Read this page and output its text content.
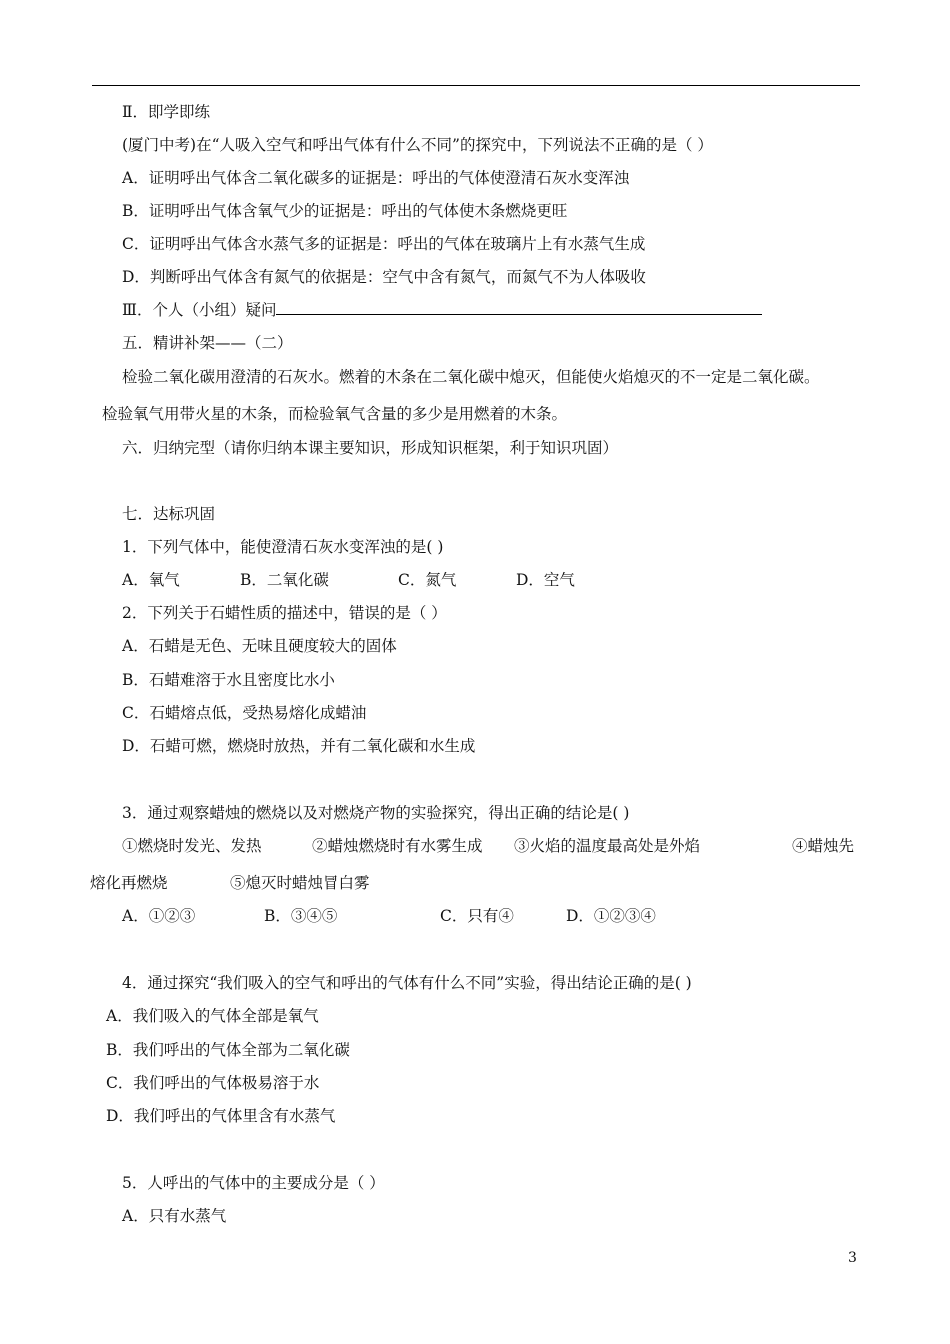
Ⅱ．即学即练
(厦门中考)在“人吸入空气和呼出气体有什么不同”的探究中，下列说法不正确的是（ ）
A．证明呼出气体含二氧化碳多的证据是：呼出的气体使澄清石灰水变浑浊
B．证明呼出气体含氧气少的证据是：呼出的气体使木条燃烧更旺
C．证明呼出气体含水蒸气多的证据是：呼出的气体在玻璃片上有水蒸气生成
D．判断呼出气体含有氮气的依据是：空气中含有氮气，而氮气不为人体吸收
Ⅲ．个人（小组）疑问
五．精讲补架——（二）
检验二氧化碳用澄清的石灰水。燃着的木条在二氧化碳中熄灭，但能使火焰熄灭的不一定是二氧化碳。
检验氧气用带火星的木条，而检验氧气含量的多少是用燃着的木条。
六．归纳完型（请你归纳本课主要知识，形成知识框架，利于知识巩固）
七．达标巩固
1．下列气体中，能使澄清石灰水变浑浊的是( )
A．氧气	B．二氧化碳	C．氮气	D．空气
2．下列关于石蜡性质的描述中，错误的是（ ）
A．石蜡是无色、无味且硬度较大的固体
B．石蜡难溶于水且密度比水小
C．石蜡熔点低，受热易熔化成蜡油
D．石蜡可燃，燃烧时放热，并有二氧化碳和水生成
3．通过观察蜡烛的燃烧以及对燃烧产物的实验探究，得出正确的结论是( )
①燃烧时发光、发热	②蜡烛燃烧时有水雾生成 ③火焰的温度最高处是外焰	④蜡烛先
熔化再燃烧	⑤熄灭时蜡烛冒白雾
A．①②③	B．③④⑤	C．只有④	D．①②③④
4．通过探究“我们吸入的空气和呼出的气体有什么不同”实验，得出结论正确的是( )
A．我们吸入的气体全部是氧气
B．我们呼出的气体全部为二氧化碳
C．我们呼出的气体极易溶于水
D．我们呼出的气体里含有水蒸气
5．人呼出的气体中的主要成分是（ ）
A．只有水蒸气
3
